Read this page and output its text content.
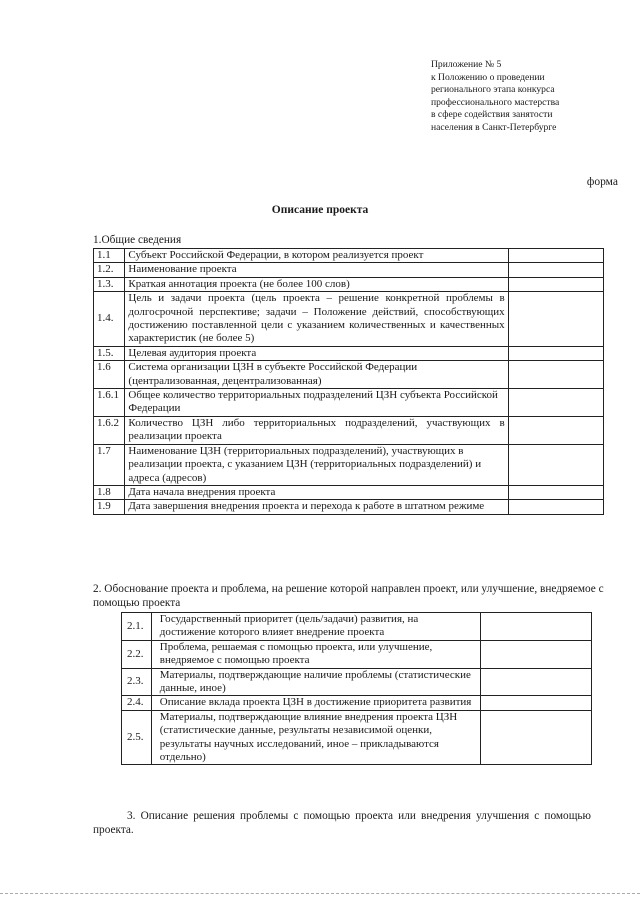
Приложение № 5
к Положению о проведении
регионального этапа конкурса
профессионального мастерства
в сфере содействия занятости
населения в Санкт-Петербурге
форма
Описание проекта
1.Общие сведения
1.1	Субъект Российской Федерации, в котором реализуется проект	
1.2.	Наименование проекта	
1.3.	Краткая аннотация проекта (не более 100 слов)	
1.4.	Цель и задачи проекта (цель проекта – решение конкретной проблемы в долгосрочной перспективе; задачи – Положение действий, способствующих достижению поставленной цели с указанием количественных и качественных характеристик (не более 5)	
1.5.	Целевая аудитория проекта	
1.6	Система организации ЦЗН в субъекте Российской Федерации (централизованная, децентрализованная)	
1.6.1	Общее количество территориальных подразделений ЦЗН субъекта Российской Федерации	
1.6.2	Количество ЦЗН либо территориальных подразделений, участвующих в реализации проекта	
1.7	Наименование ЦЗН (территориальных подразделений), участвующих в реализации проекта, с указанием ЦЗН (территориальных подразделений) и адреса (адресов)	
1.8	Дата начала внедрения проекта	
1.9	Дата завершения внедрения проекта и перехода к работе в штатном режиме	
2. Обоснование проекта и проблема, на решение которой направлен проект, или улучшение, внедряемое с помощью проекта
2.1.	Государственный приоритет (цель/задачи) развития, на достижение которого влияет внедрение проекта	
2.2.	Проблема, решаемая с помощью проекта, или улучшение, внедряемое с помощью проекта	
2.3.	Материалы, подтверждающие наличие проблемы (статистические данные, иное)	
2.4.	Описание вклада проекта ЦЗН в достижение приоритета развития	
2.5.	Материалы, подтверждающие влияние внедрения проекта ЦЗН (статистические данные, результаты независимой оценки, результаты научных исследований, иное – прикладываются отдельно)	
3. Описание решения проблемы с помощью проекта или внедрения улучшения с помощью проекта.
